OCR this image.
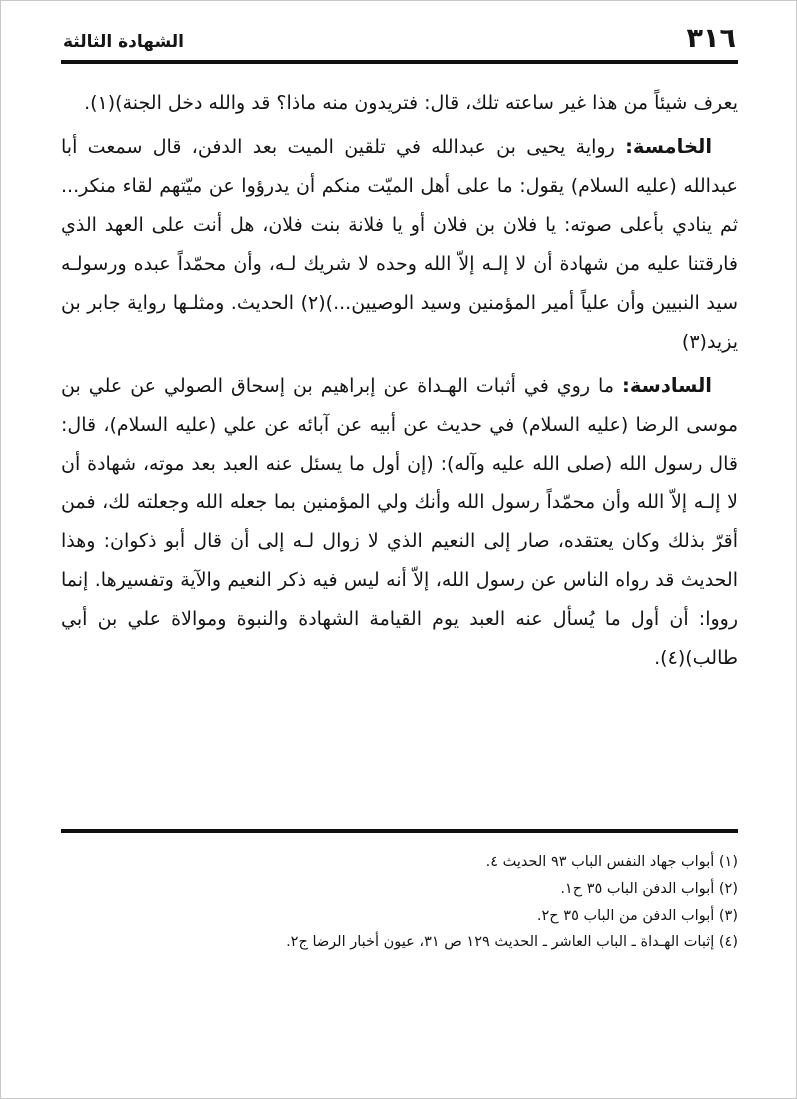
الشهادة الثالثة	٣١٦

يعرف شيئاً من هذا غير ساعته تلك، قال: فتريدون منه ماذا؟ قد والله دخل الجنة)(١).

الخامسة: رواية يحيى بن عبدالله في تلقين الميت بعد الدفن، قال سمعت أبا عبدالله (عليه السلام) يقول: ما على أهل الميّت منكم أن يدرؤوا عن ميّتهم لقاء منكر... ثم ينادي بأعلى صوته: يا فلان بن فلان أو يا فلانة بنت فلان، هل أنت على العهد الذي فارقتنا عليه من شهادة أن لا إلـه إلاّ الله وحده لا شريك لـه، وأن محمّداً عبده ورسولـه سيد النبيين وأن علياً أمير المؤمنين وسيد الوصيين...)(٢) الحديث. ومثلـها رواية جابر بن يزيد(٣)

السادسة: ما روي في أثبات الهـداة عن إبراهيم بن إسحاق الصولي عن علي بن موسى الرضا (عليه السلام) في حديث عن أبيه عن آبائه عن علي (عليه السلام)، قال: قال رسول الله (صلى الله عليه وآله): (إن أول ما يسئل عنه العبد بعد موته، شهادة أن لا إلـه إلاّ الله وأن محمّداً رسول الله وأنك ولي المؤمنين بما جعله الله وجعلته لك، فمن أقرّ بذلك وكان يعتقده، صار إلى النعيم الذي لا زوال لـه إلى أن قال أبو ذكوان: وهذا الحديث قد رواه الناس عن رسول الله، إلاّ أنه ليس فيه ذكر النعيم والآية وتفسيرها. إنما رووا: أن أول ما يُسأل عنه العبد يوم القيامة الشهادة والنبوة وموالاة علي بن أبي طالب)(٤).

(١) أبواب جهاد النفس الباب ٩٣ الحديث ٤.
(٢) أبواب الدفن الباب ٣٥ ح١.
(٣) أبواب الدفن من الباب ٣٥ ح٢.
(٤) إثبات الهـداة ـ الباب العاشر ـ الحديث ١٢٩ ص ٣١، عيون أخبار الرضا ج٢.
